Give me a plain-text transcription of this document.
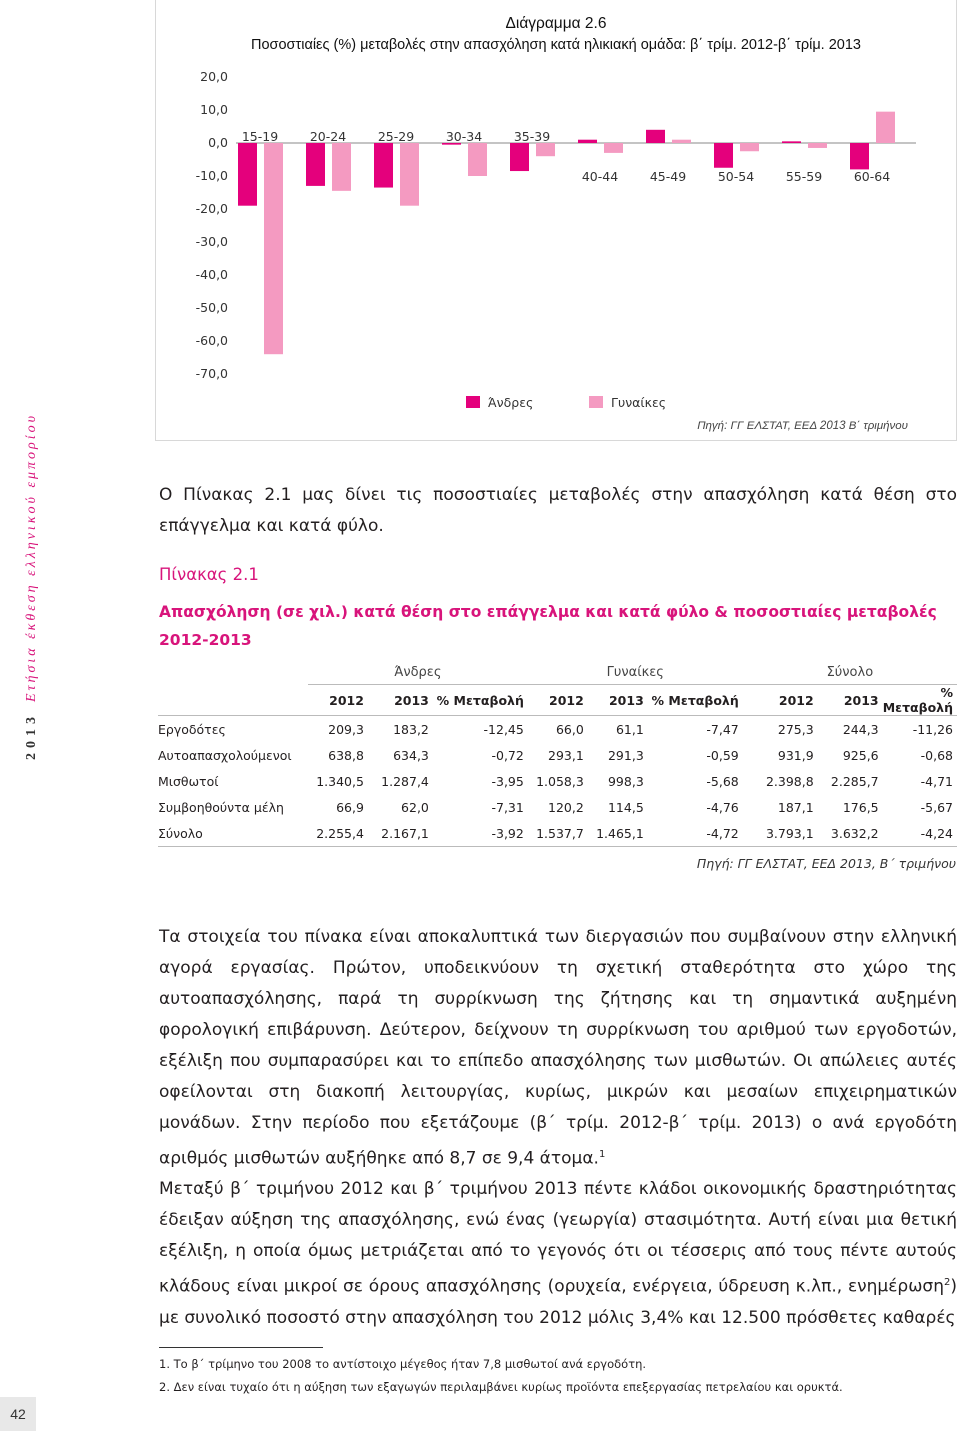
Διάγραμμα 2.6
Ποσοστιαίες (%) μεταβολές στην απασχόληση κατά ηλικιακή ομάδα: β΄ τρίμ. 2012-β΄ τρίμ. 2013
20,0
10,0
0,0
-10,0
-20,0
-30,0
-40,0
-50,0
-60,0
-70,0
15-19	20-24	25-29	30-34	35-39
40-44	45-49	50-54	55-59	60-64
Άνδρες	Γυναίκες
Πηγή: ΓΓ ΕΛΣΤΑΤ, ΕΕΔ 2013 Β΄ τριμήνου
2013Ετήσια έκθεση ελληνικού εμπορίου
42
Ο Πίνακας 2.1 μας δίνει τις ποσοστιαίες μεταβολές στην απασχόληση κατά θέση στο επάγγελμα και κατά φύλο.
Πίνακας 2.1
Απασχόληση (σε χιλ.) κατά θέση στο επάγγελμα και κατά φύλο & ποσοστιαίες μεταβολές 2012-2013
	Άνδρες			Γυναίκες			Σύνολο		
	2012	2013	% Μεταβολή	2012	2013	% Μεταβολή	2012	2013	% Μεταβολή
Εργοδότες	209,3	183,2	-12,45	66,0	61,1	-7,47	275,3	244,3	-11,26
Αυτοαπασχολούμενοι	638,8	634,3	-0,72	293,1	291,3	-0,59	931,9	925,6	-0,68
Μισθωτοί	1.340,5	1.287,4	-3,95	1.058,3	998,3	-5,68	2.398,8	2.285,7	-4,71
Συμβοηθούντα μέλη	66,9	62,0	-7,31	120,2	114,5	-4,76	187,1	176,5	-5,67
Σύνολο	2.255,4	2.167,1	-3,92	1.537,7	1.465,1	-4,72	3.793,1	3.632,2	-4,24
Πηγή: ΓΓ ΕΛΣΤΑΤ, ΕΕΔ 2013, Β΄ τριμήνου
Τα στοιχεία του πίνακα είναι αποκαλυπτικά των διεργασιών που συμβαίνουν στην ελληνική αγορά εργασίας. Πρώτον, υποδεικνύουν τη σχετική σταθερότητα στο χώρο της αυτοαπασχόλησης, παρά τη συρρίκνωση της ζήτησης και τη σημαντικά αυξημένη φορολογική επιβάρυνση. Δεύτερον, δείχνουν τη συρρίκνωση του αριθμού των εργοδοτών, εξέλιξη που συμπαρασύρει και το επίπεδο απασχόλησης των μισθωτών. Οι απώλειες αυτές οφείλονται στη διακοπή λειτουργίας, κυρίως, μικρών και μεσαίων επιχειρηματικών μονάδων. Στην περίοδο που εξετάζουμε (β΄ τρίμ. 2012-β΄ τρίμ. 2013) ο ανά εργοδότη αριθμός μισθωτών αυξήθηκε από 8,7 σε 9,4 άτομα.$^1$
Μεταξύ β΄ τριμήνου 2012 και β΄ τριμήνου 2013 πέντε κλάδοι οικονομικής δραστηριότητας έδειξαν αύξηση της απασχόλησης, ενώ ένας (γεωργία) στασιμότητα. Αυτή είναι μια θετική εξέλιξη, η οποία όμως μετριάζεται από το γεγονός ότι οι τέσσερις από τους πέντε αυτούς κλάδους είναι μικροί σε όρους απασχόλησης (ορυχεία, ενέργεια, ύδρευση κ.λπ., ενημέρωση$^2$) με συνολικό ποσοστό στην απασχόληση του 2012 μόλις 3,4% και 12.500 πρόσθετες καθαρές
1. Το β΄ τρίμηνο του 2008 το αντίστοιχο μέγεθος ήταν 7,8 μισθωτοί ανά εργοδότη.
2. Δεν είναι τυχαίο ότι η αύξηση των εξαγωγών περιλαμβάνει κυρίως προϊόντα επεξεργασίας πετρελαίου και ορυκτά.
